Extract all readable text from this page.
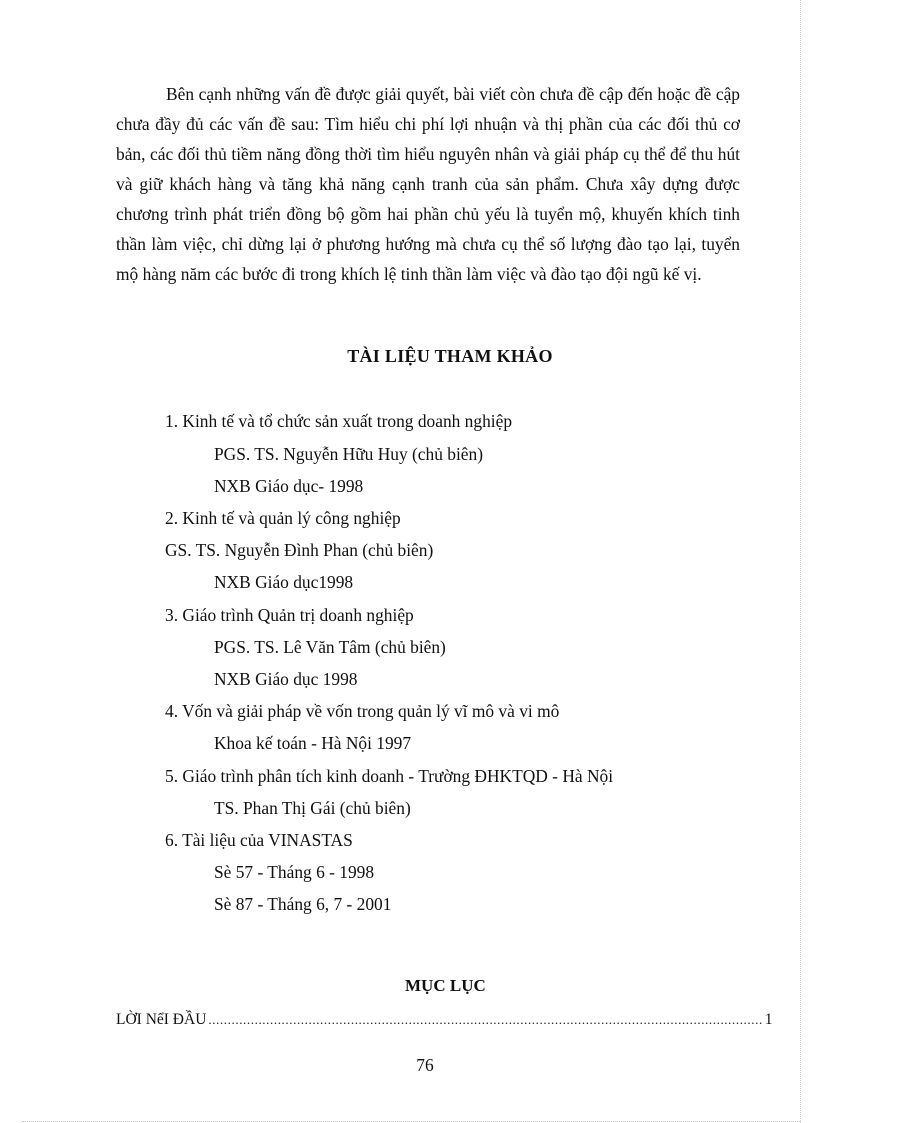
Bên cạnh những vấn đề được giải quyết, bài viết còn chưa đề cập đến hoặc đề cập chưa đầy đủ các vấn đề sau: Tìm hiểu chi phí lợi nhuận và thị phần của các đối thủ cơ bản, các đối thủ tiềm năng đồng thời tìm hiểu nguyên nhân và giải pháp cụ thể để thu hút và giữ khách hàng và tăng khả năng cạnh tranh của sản phẩm. Chưa xây dựng được chương trình phát triển đồng bộ gồm hai phần chủ yếu là tuyển mộ, khuyến khích tinh thần làm việc, chỉ dừng lại ở phương hướng mà chưa cụ thể số lượng đào tạo lại, tuyển mộ hàng năm các bước đi trong khích lệ tinh thần làm việc và đào tạo đội ngũ kế vị.

TÀI LIỆU THAM KHẢO
1. Kinh tế và tổ chức sản xuất trong doanh nghiệp
PGS. TS. Nguyễn Hữu Huy (chủ biên)
NXB Giáo dục- 1998
2. Kinh tế và quản lý công nghiệp
GS. TS. Nguyễn Đình Phan (chủ biên)
NXB Giáo dục1998
3. Giáo trình Quản trị doanh nghiệp
PGS. TS. Lê Văn Tâm (chủ biên)
NXB Giáo dục 1998
4. Vốn và giải pháp về vốn trong quản lý vĩ mô và vi mô
Khoa kế toán - Hà Nội 1997
5. Giáo trình phân tích kinh doanh - Trường ĐHKTQD - Hà Nội
TS. Phan Thị Gái (chủ biên)
6. Tài liệu của VINASTAS
Sè 57 - Tháng 6 - 1998
Sè 87 - Tháng 6, 7 - 2001
MỤC LỤC
LỜI NểI ĐẦU ................................................................................................................................................ 1
76
